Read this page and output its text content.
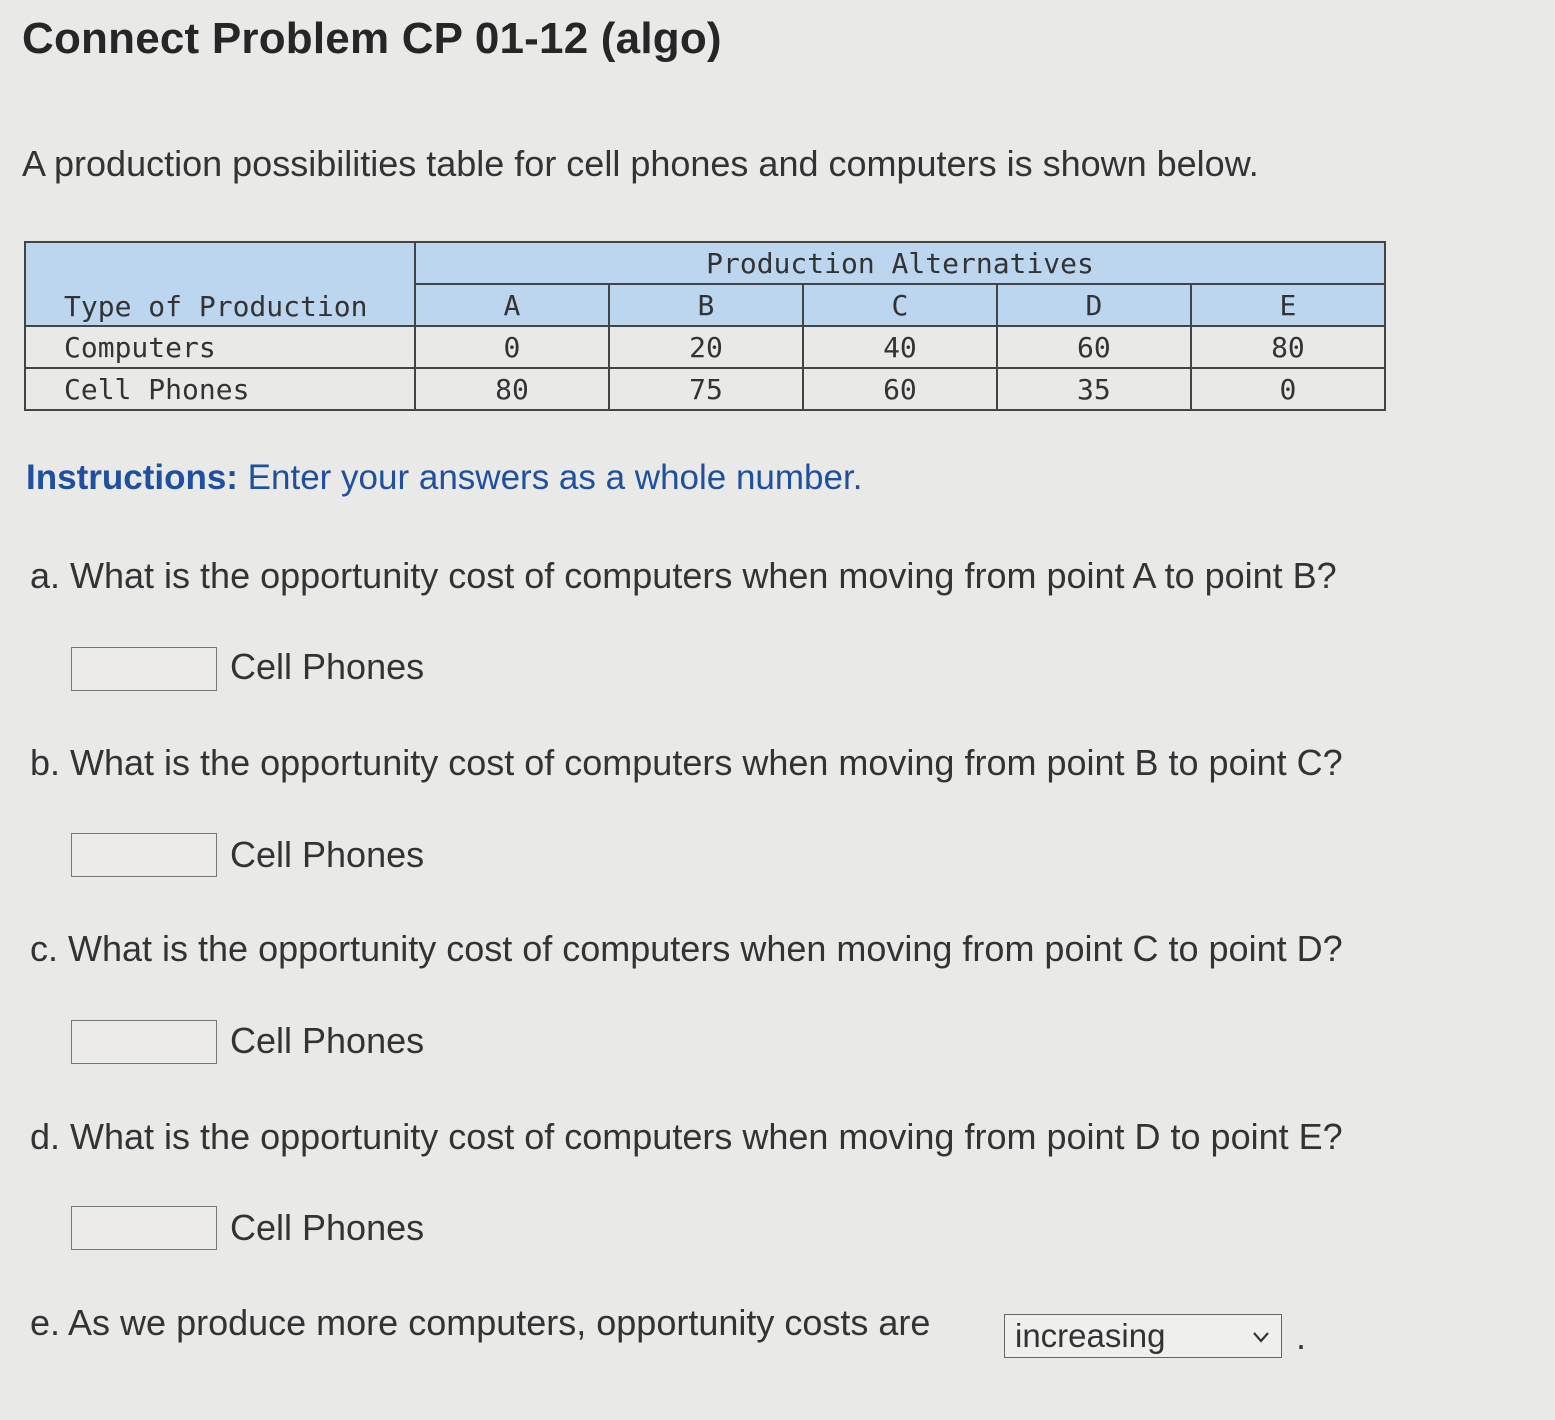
Connect Problem CP 01-12 (algo)
A production possibilities table for cell phones and computers is shown below.
Type of Production	Production Alternatives				
	A	B	C	D	E
Computers	0	20	40	60	80
Cell Phones	80	75	60	35	0
Instructions: Enter your answers as a whole number.
a. What is the opportunity cost of computers when moving from point A to point B?
Cell Phones
b. What is the opportunity cost of computers when moving from point B to point C?
Cell Phones
c. What is the opportunity cost of computers when moving from point C to point D?
Cell Phones
d. What is the opportunity cost of computers when moving from point D to point E?
Cell Phones
e. As we produce more computers, opportunity costs are	increasing	.
